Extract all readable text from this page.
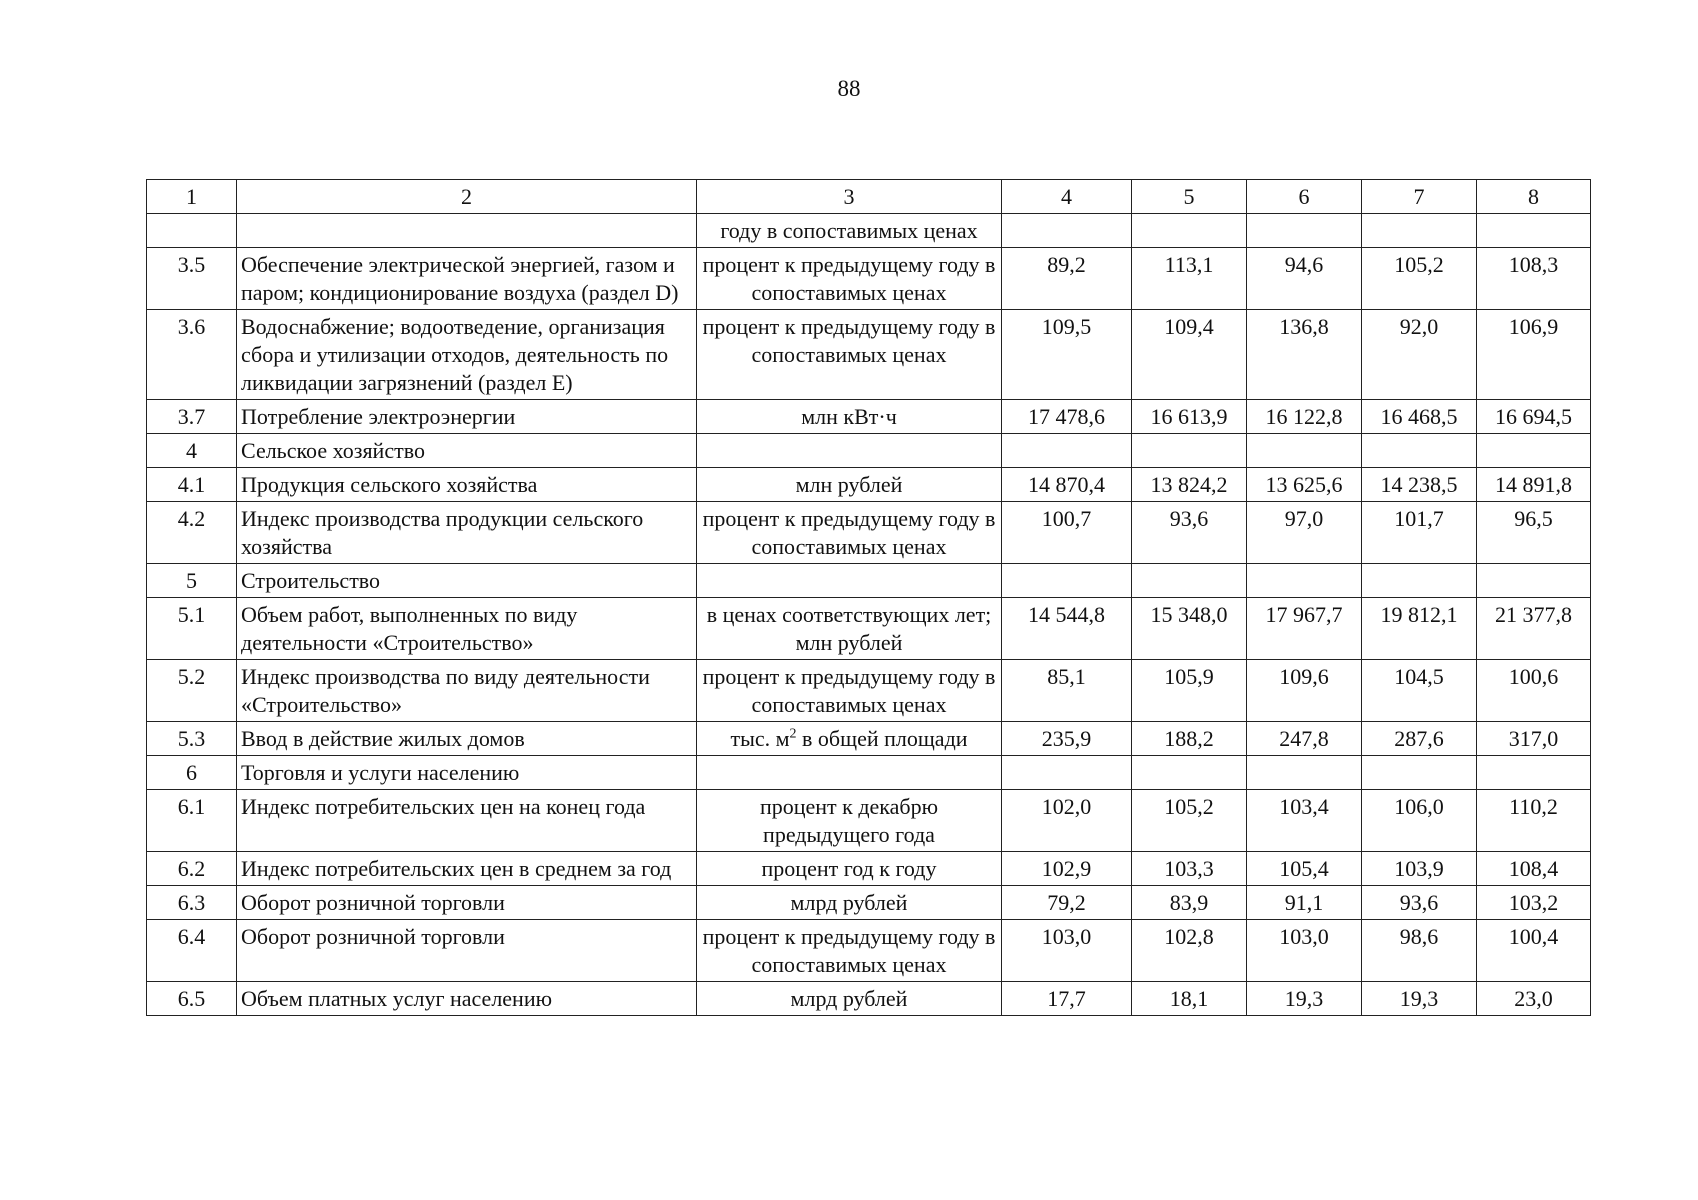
88
1	2	3	4	5	6	7	8
		году в сопоставимых ценах					
3.5	Обеспечение электрической энергией, газом и паром; кондиционирование воздуха (раздел D)	процент к предыдущему году в сопоставимых ценах	89,2	113,1	94,6	105,2	108,3
3.6	Водоснабжение; водоотведение, организация сбора и утилизации отходов, деятельность по ликвидации загрязнений (раздел E)	процент к предыдущему году в сопоставимых ценах	109,5	109,4	136,8	92,0	106,9
3.7	Потребление электроэнергии	млн кВт·ч	17 478,6	16 613,9	16 122,8	16 468,5	16 694,5
4	Сельское хозяйство						
4.1	Продукция сельского хозяйства	млн рублей	14 870,4	13 824,2	13 625,6	14 238,5	14 891,8
4.2	Индекс производства продукции сельского хозяйства	процент к предыдущему году в сопоставимых ценах	100,7	93,6	97,0	101,7	96,5
5	Строительство						
5.1	Объем работ, выполненных по виду деятельности «Строительство»	в ценах соответствующих лет; млн рублей	14 544,8	15 348,0	17 967,7	19 812,1	21 377,8
5.2	Индекс производства по виду деятельности «Строительство»	процент к предыдущему году в сопоставимых ценах	85,1	105,9	109,6	104,5	100,6
5.3	Ввод в действие жилых домов	тыс. $м^2$ в общей площади	235,9	188,2	247,8	287,6	317,0
6	Торговля и услуги населению						
6.1	Индекс потребительских цен на конец года	процент к декабрю предыдущего года	102,0	105,2	103,4	106,0	110,2
6.2	Индекс потребительских цен в среднем за год	процент год к году	102,9	103,3	105,4	103,9	108,4
6.3	Оборот розничной торговли	млрд рублей	79,2	83,9	91,1	93,6	103,2
6.4	Оборот розничной торговли	процент к предыдущему году в сопоставимых ценах	103,0	102,8	103,0	98,6	100,4
6.5	Объем платных услуг населению	млрд рублей	17,7	18,1	19,3	19,3	23,0
